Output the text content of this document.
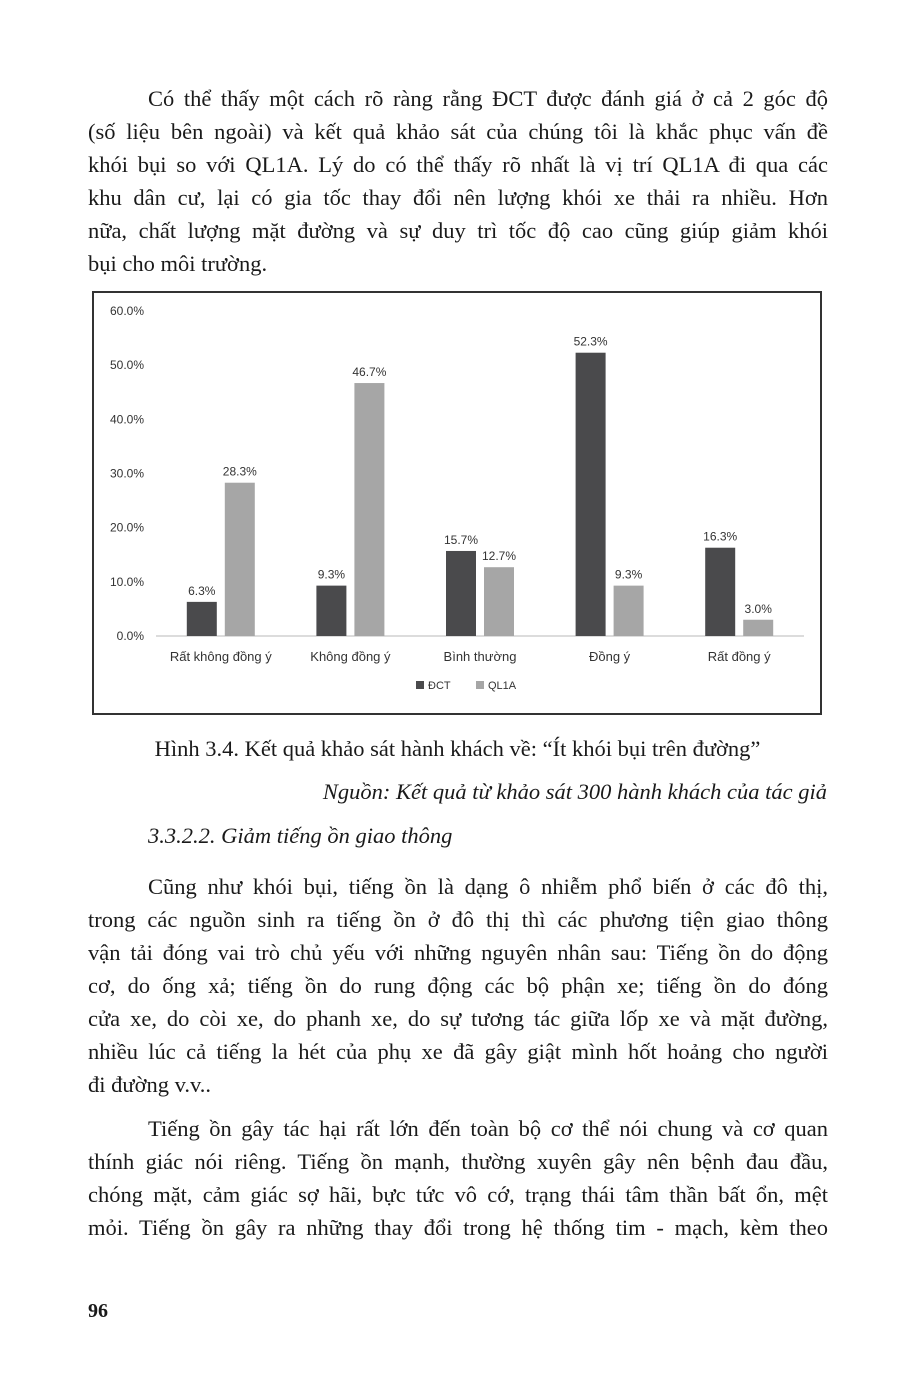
Có thể thấy một cách rõ ràng rằng ĐCT được đánh giá ở cả 2 góc độ
(số liệu bên ngoài) và kết quả khảo sát của chúng tôi là khắc phục vấn đề
khói bụi so với QL1A. Lý do có thể thấy rõ nhất là vị trí QL1A đi qua các
khu dân cư, lại có gia tốc thay đổi nên lượng khói xe thải ra nhiều. Hơn
nữa, chất lượng mặt đường và sự duy trì tốc độ cao cũng giúp giảm khói
bụi cho môi trường.
0.0%
10.0%
20.0%
30.0%
40.0%
50.0%
60.0%
6.3%
28.3%
Rất không đồng ý
9.3%
46.7%
Không đồng ý
15.7%
12.7%
Bình thường
52.3%
9.3%
Đồng ý
16.3%
3.0%
Rất đồng ý
ĐCT	QL1A

Hình 3.4. Kết quả khảo sát hành khách về: “Ít khói bụi trên đường”

Nguồn: Kết quả từ khảo sát 300 hành khách của tác giả

3.3.2.2. Giảm tiếng ồn giao thông

Cũng như khói bụi, tiếng ồn là dạng ô nhiễm phổ biến ở các đô thị,
trong các nguồn sinh ra tiếng ồn ở đô thị thì các phương tiện giao thông
vận tải đóng vai trò chủ yếu với những nguyên nhân sau: Tiếng ồn do động
cơ, do ống xả; tiếng ồn do rung động các bộ phận xe; tiếng ồn do đóng
cửa xe, do còi xe, do phanh xe, do sự tương tác giữa lốp xe và mặt đường,
nhiều lúc cả tiếng la hét của phụ xe đã gây giật mình hốt hoảng cho người
đi đường v.v..
Tiếng ồn gây tác hại rất lớn đến toàn bộ cơ thể nói chung và cơ quan
thính giác nói riêng. Tiếng ồn mạnh, thường xuyên gây nên bệnh đau đầu,
chóng mặt, cảm giác sợ hãi, bực tức vô cớ, trạng thái tâm thần bất ổn, mệt
mỏi. Tiếng ồn gây ra những thay đổi trong hệ thống tim - mạch, kèm theo

96
